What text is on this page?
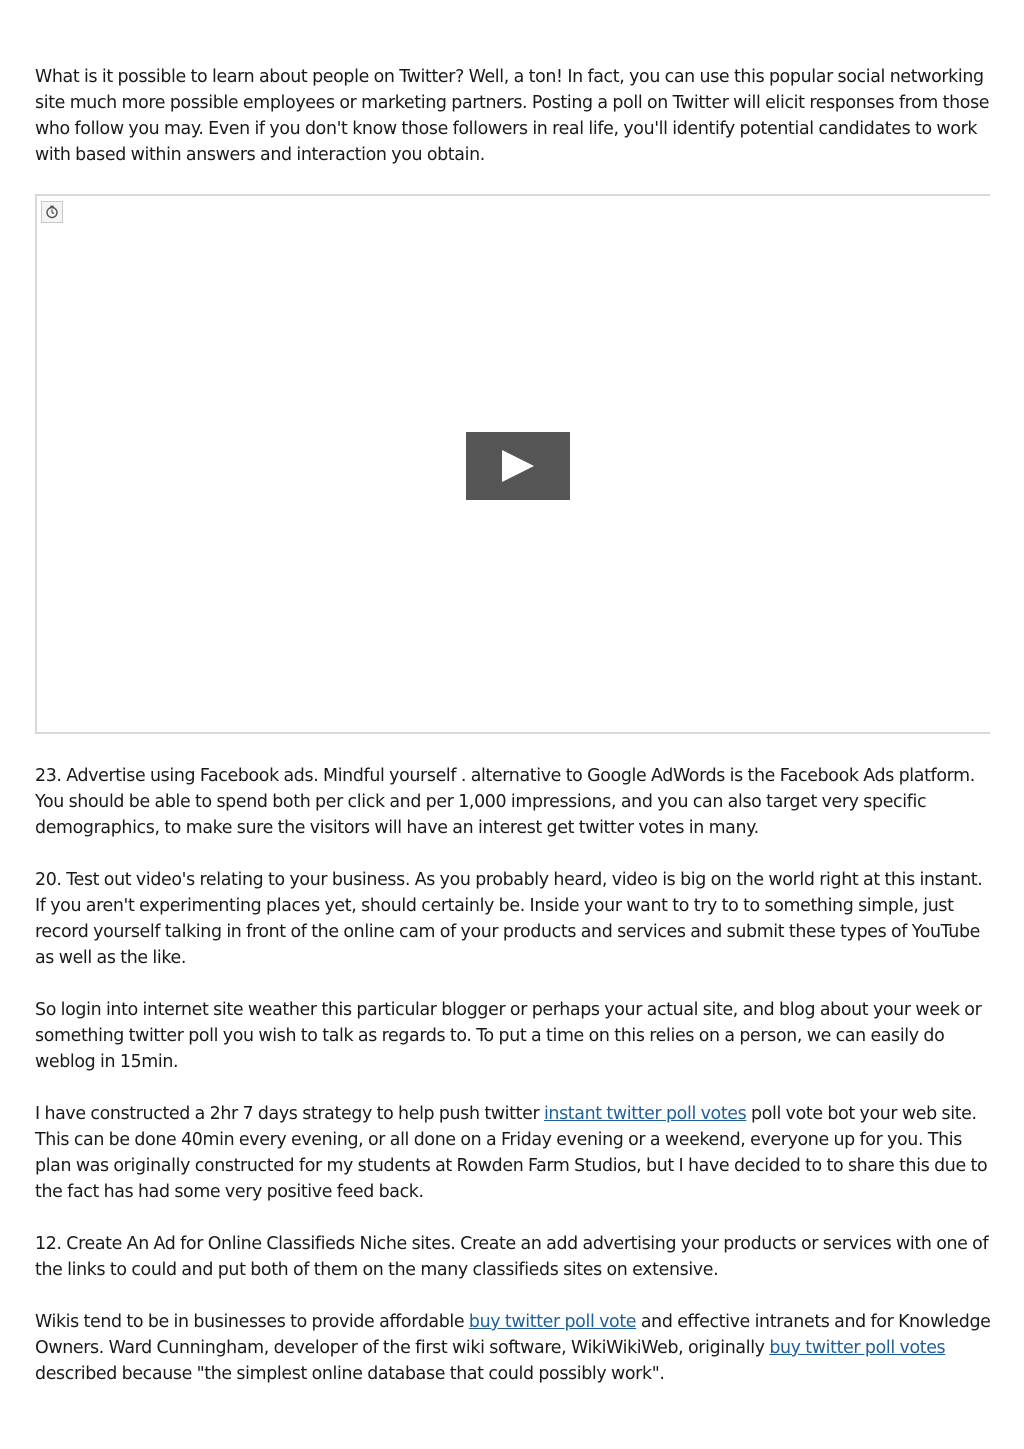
What is it possible to learn about people on Twitter? Well, a ton! In fact, you can use this popular social networking site much more possible employees or marketing partners. Posting a poll on Twitter will elicit responses from those who follow you may. Even if you don't know those followers in real life, you'll identify potential candidates to work with based within answers and interaction you obtain.

23. Advertise using Facebook ads. Mindful yourself . alternative to Google AdWords is the Facebook Ads platform. You should be able to spend both per click and per 1,000 impressions, and you can also target very specific demographics, to make sure the visitors will have an interest get twitter votes in many.

20. Test out video's relating to your business. As you probably heard, video is big on the world right at this instant. If you aren't experimenting places yet, should certainly be. Inside your want to try to to something simple, just record yourself talking in front of the online cam of your products and services and submit these types of YouTube as well as the like.

So login into internet site weather this particular blogger or perhaps your actual site, and blog about your week or something twitter poll you wish to talk as regards to. To put a time on this relies on a person, we can easily do weblog in 15min.

I have constructed a 2hr 7 days strategy to help push twitter instant twitter poll votes poll vote bot your web site. This can be done 40min every evening, or all done on a Friday evening or a weekend, everyone up for you. This plan was originally constructed for my students at Rowden Farm Studios, but I have decided to to share this due to the fact has had some very positive feed back.

12. Create An Ad for Online Classifieds Niche sites. Create an add advertising your products or services with one of the links to could and put both of them on the many classifieds sites on extensive.

Wikis tend to be in businesses to provide affordable buy twitter poll vote and effective intranets and for Knowledge Owners. Ward Cunningham, developer of the first wiki software, WikiWikiWeb, originally buy twitter poll votes described because "the simplest online database that could possibly work".
